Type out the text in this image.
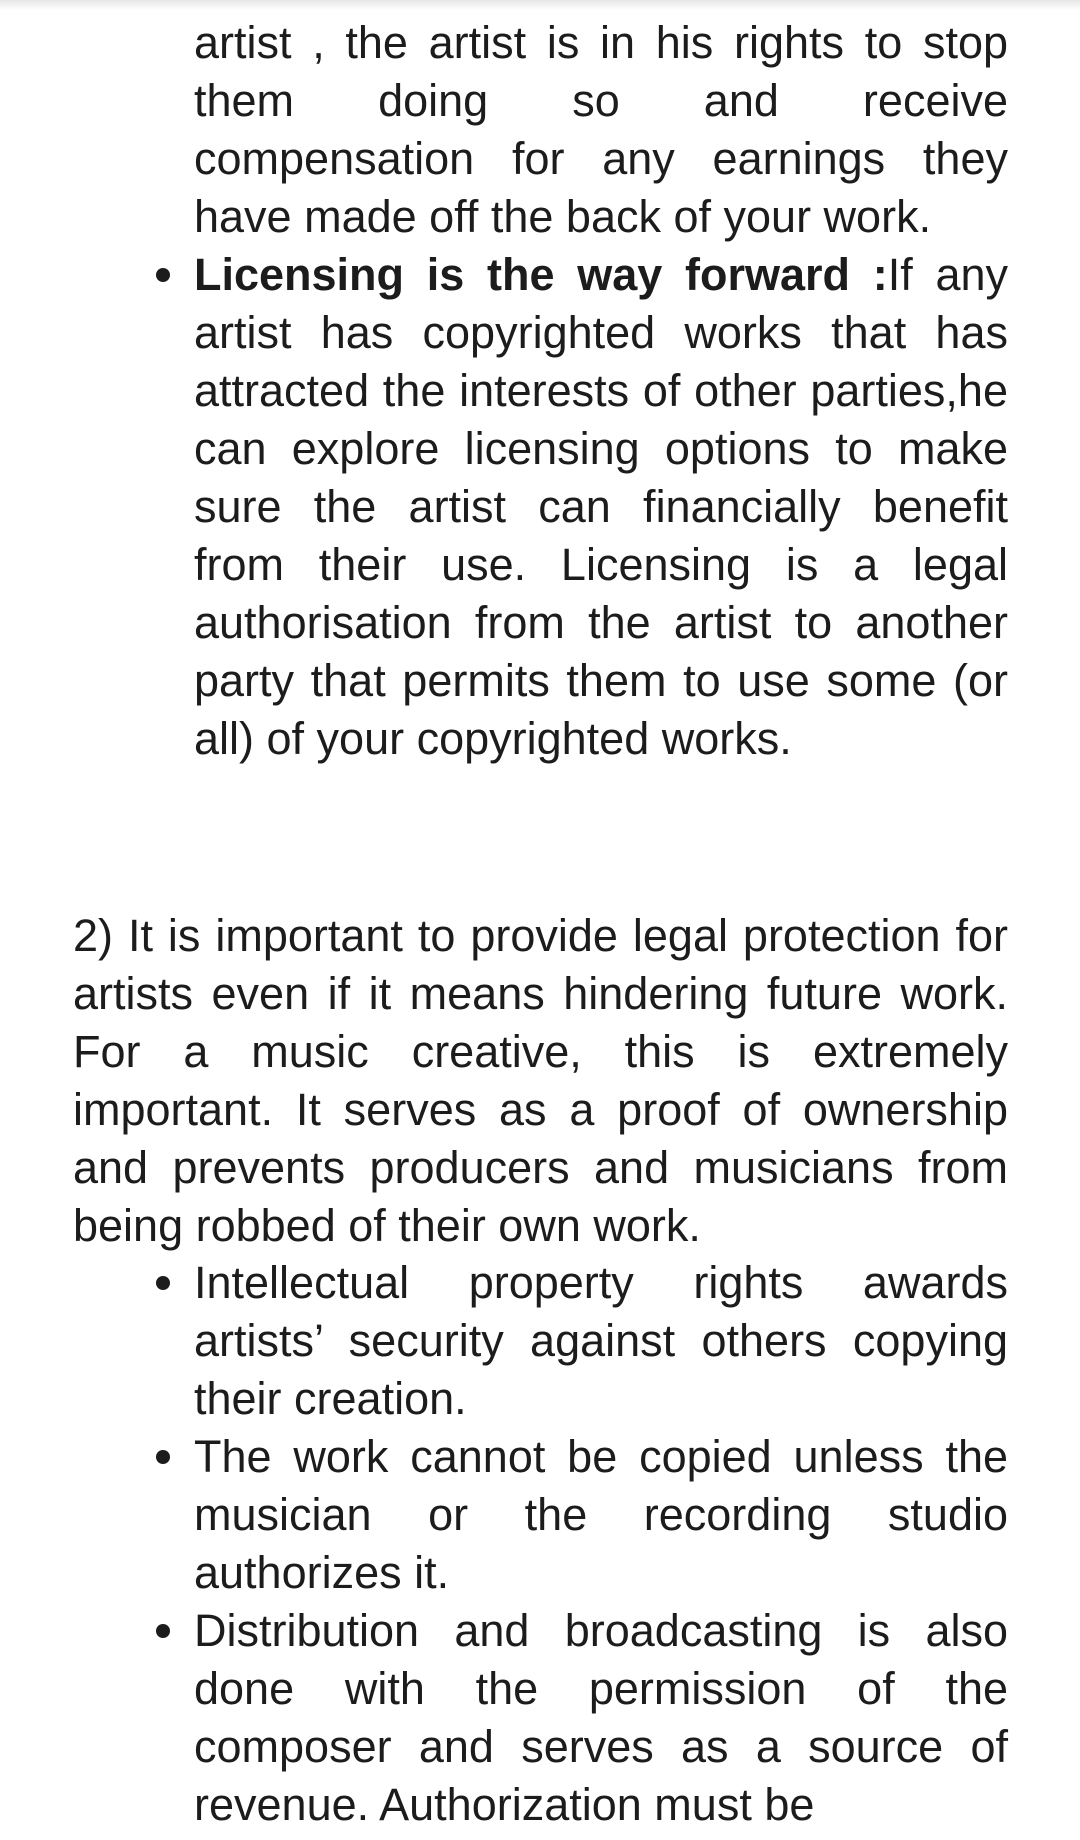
artist , the artist is in his rights to stop them doing so and receive compensation for any earnings they have made off the back of your work.
Licensing is the way forward :If any artist has copyrighted works that has attracted the interests of other parties,he can explore licensing options to make sure the artist can financially benefit from their use. Licensing is a legal authorisation from the artist to another party that permits them to use some (or all) of your copyrighted works.

2) It is important to provide legal protection for artists even if it means hindering future work. For a music creative, this is extremely important. It serves as a proof of ownership and prevents producers and musicians from being robbed of their own work.

Intellectual property rights awards artists’ security against others copying their creation.
The work cannot be copied unless the musician or the recording studio authorizes it.
Distribution and broadcasting is also done with the permission of the composer and serves as a source of revenue. Authorization must be
